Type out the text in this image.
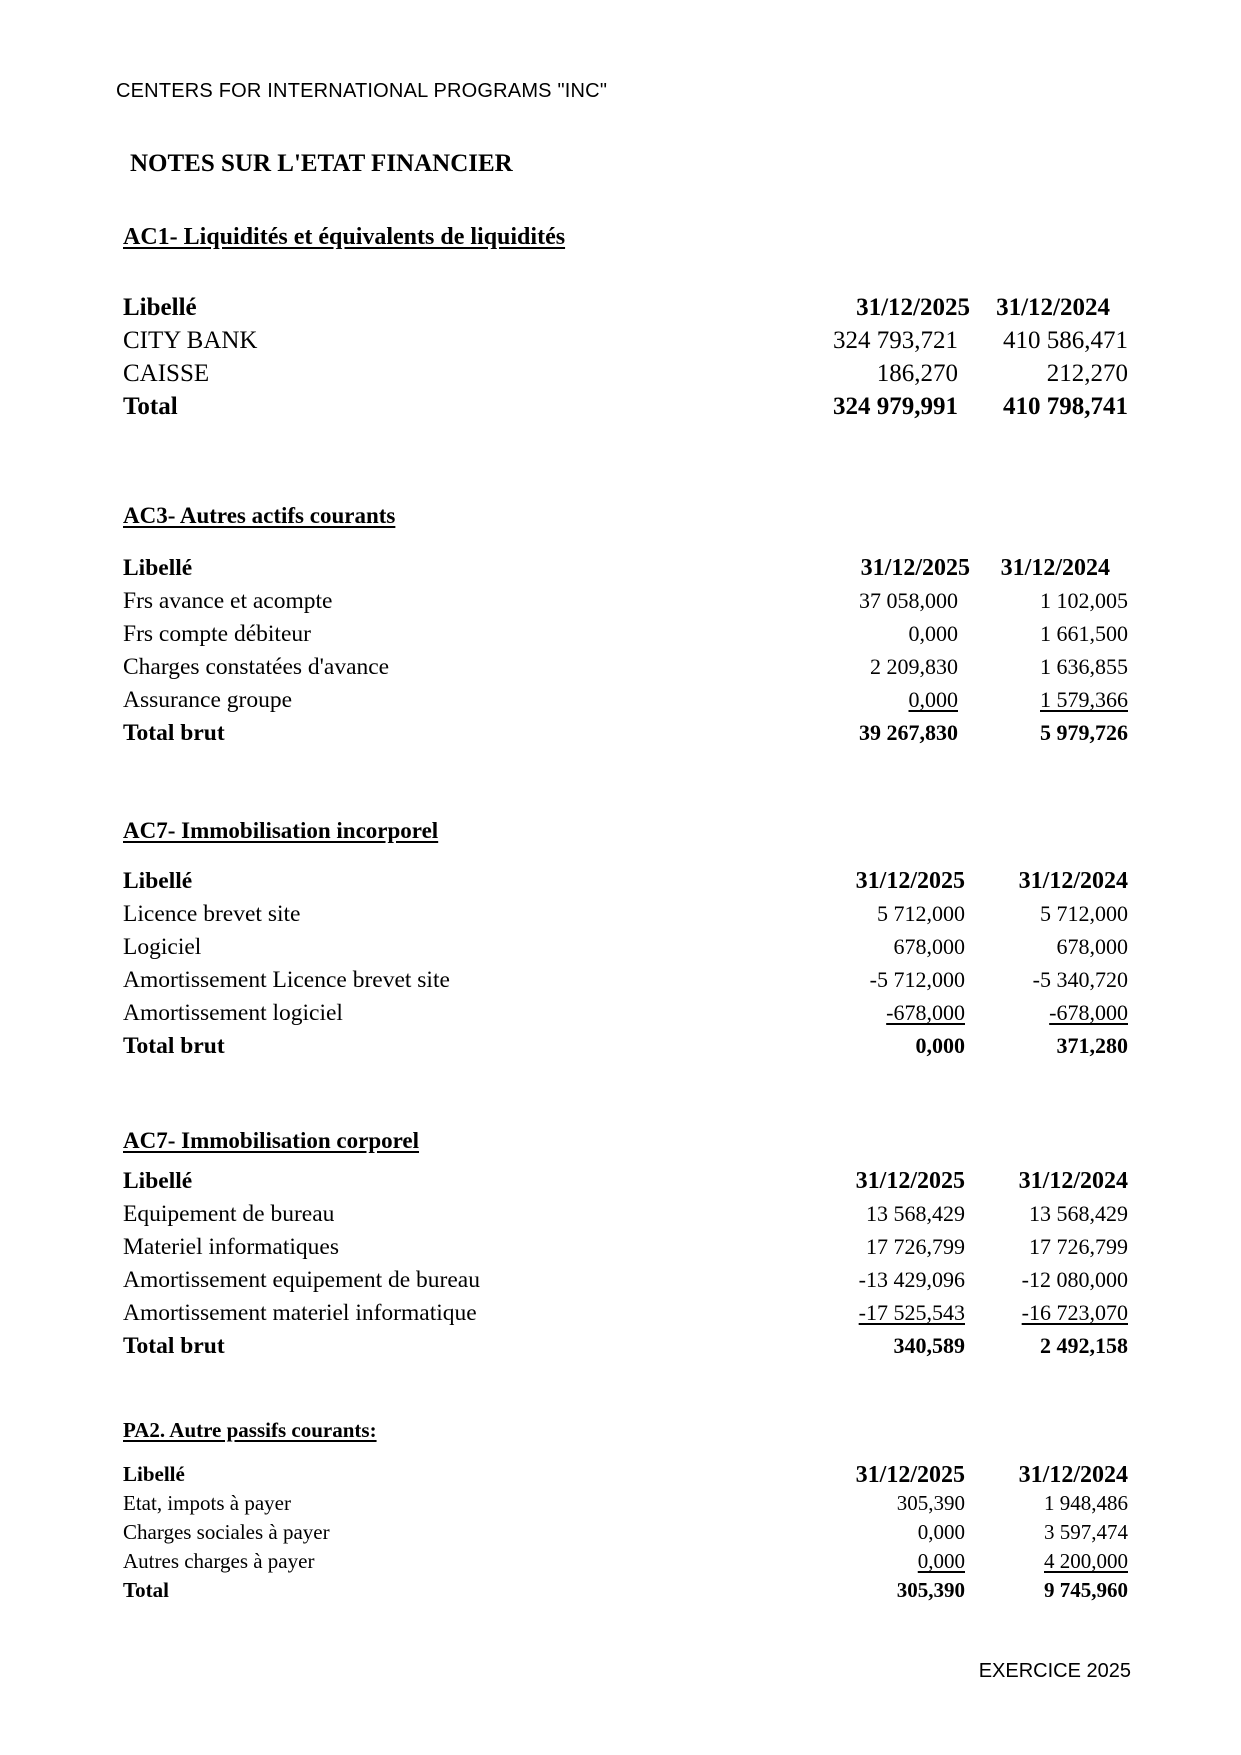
CENTERS FOR INTERNATIONAL PROGRAMS "INC"
NOTES SUR L'ETAT FINANCIER
AC1- Liquidités et équivalents de liquidités
Libellé	31/12/2025	31/12/2024
CITY BANK	324 793,721	410 586,471
CAISSE	186,270	212,270
Total	324 979,991	410 798,741
AC3- Autres actifs courants
Libellé	31/12/2025	31/12/2024
Frs avance et acompte	37 058,000	1 102,005
Frs compte débiteur	0,000	1 661,500
Charges constatées d'avance	2 209,830	1 636,855
Assurance groupe	0,000	1 579,366
Total brut	39 267,830	5 979,726
AC7- Immobilisation incorporel
Libellé	31/12/2025	31/12/2024
Licence brevet site	5 712,000	5 712,000
Logiciel	678,000	678,000
Amortissement Licence brevet site	-5 712,000	-5 340,720
Amortissement logiciel	-678,000	-678,000
Total brut	0,000	371,280
AC7- Immobilisation corporel
Libellé	31/12/2025	31/12/2024
Equipement de bureau	13 568,429	13 568,429
Materiel informatiques	17 726,799	17 726,799
Amortissement equipement de bureau	-13 429,096	-12 080,000
Amortissement materiel informatique	-17 525,543	-16 723,070
Total brut	340,589	2 492,158
PA2. Autre passifs courants:
Libellé	31/12/2025	31/12/2024
Etat, impots à payer	305,390	1 948,486
Charges sociales à payer	0,000	3 597,474
Autres charges à payer	0,000	4 200,000
Total	305,390	9 745,960
EXERCICE 2025
